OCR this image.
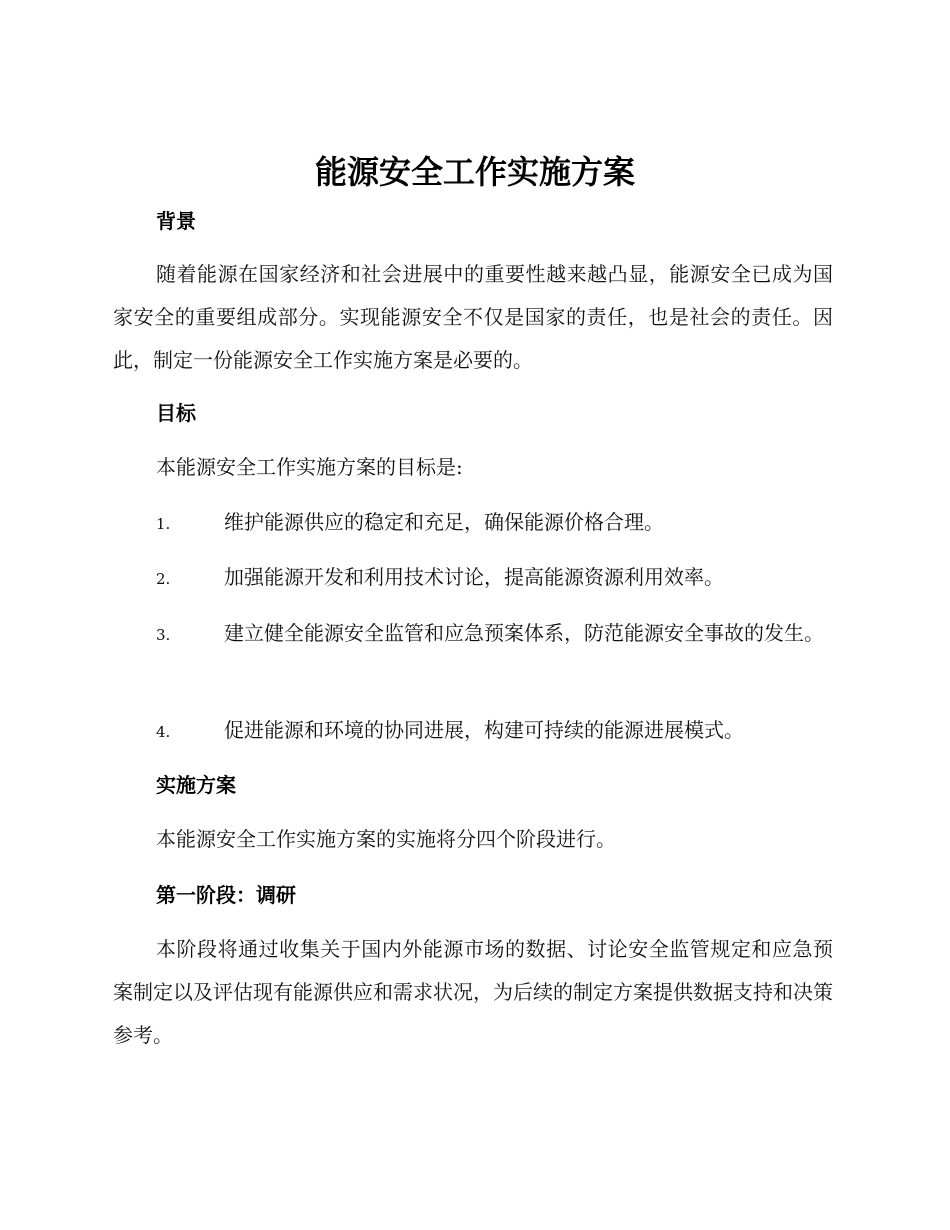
能源安全工作实施方案
背景

随着能源在国家经济和社会进展中的重要性越来越凸显，能源安全已成为国家安全的重要组成部分。实现能源安全不仅是国家的责任，也是社会的责任。因此，制定一份能源安全工作实施方案是必要的。

目标

本能源安全工作实施方案的目标是:

1.	维护能源供应的稳定和充足，确保能源价格合理。

2.	加强能源开发和利用技术讨论，提高能源资源利用效率。

3.	建立健全能源安全监管和应急预案体系，防范能源安全事故的发生。

4.	促进能源和环境的协同进展，构建可持续的能源进展模式。

实施方案

本能源安全工作实施方案的实施将分四个阶段进行。

第一阶段：调研

本阶段将通过收集关于国内外能源市场的数据、讨论安全监管规定和应急预案制定以及评估现有能源供应和需求状况，为后续的制定方案提供数据支持和决策参考。
